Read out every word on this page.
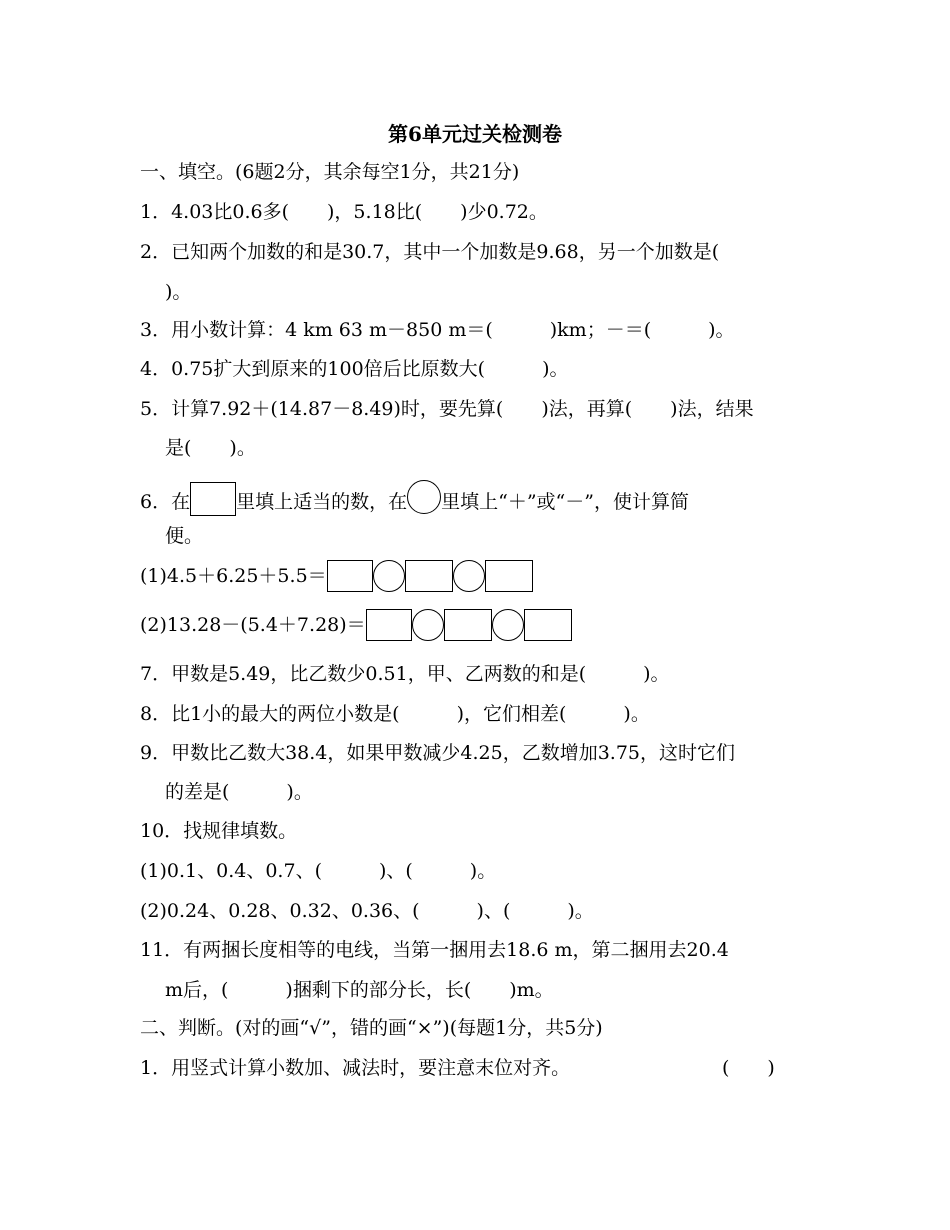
第6单元过关检测卷
一、填空。(6题2分，其余每空1分，共21分)
1．4.03比0.6多(　　)，5.18比(　　)少0.72。
2．已知两个加数的和是30.7，其中一个加数是9.68，另一个加数是(
)。
3．用小数计算：4 km 63 m－850 m＝(　　　)km；－＝(　　　)。
4．0.75扩大到原来的100倍后比原数大(　　　)。
5．计算7.92＋(14.87－8.49)时，要先算(　　)法，再算(　　)法，结果
是(　　)。
6．在 里填上适当的数，在 里填上“＋”或“－”，使计算简
便。
(1)4.5＋6.25＋5.5＝
(2)13.28－(5.4＋7.28)＝
7．甲数是5.49，比乙数少0.51，甲、乙两数的和是(　　　)。
8．比1小的最大的两位小数是(　　　)，它们相差(　　　)。
9．甲数比乙数大38.4，如果甲数减少4.25，乙数增加3.75，这时它们
的差是(　　　)。
10．找规律填数。
(1)0.1、0.4、0.7、(　　　)、(　　　)。
(2)0.24、0.28、0.32、0.36、(　　　)、(　　　)。
11．有两捆长度相等的电线，当第一捆用去18.6 m，第二捆用去20.4
m后，(　　　)捆剩下的部分长，长(　　)m。
二、判断。(对的画“√”，错的画“×”)(每题1分，共5分)
1．用竖式计算小数加、减法时，要注意末位对齐。	(　　)
